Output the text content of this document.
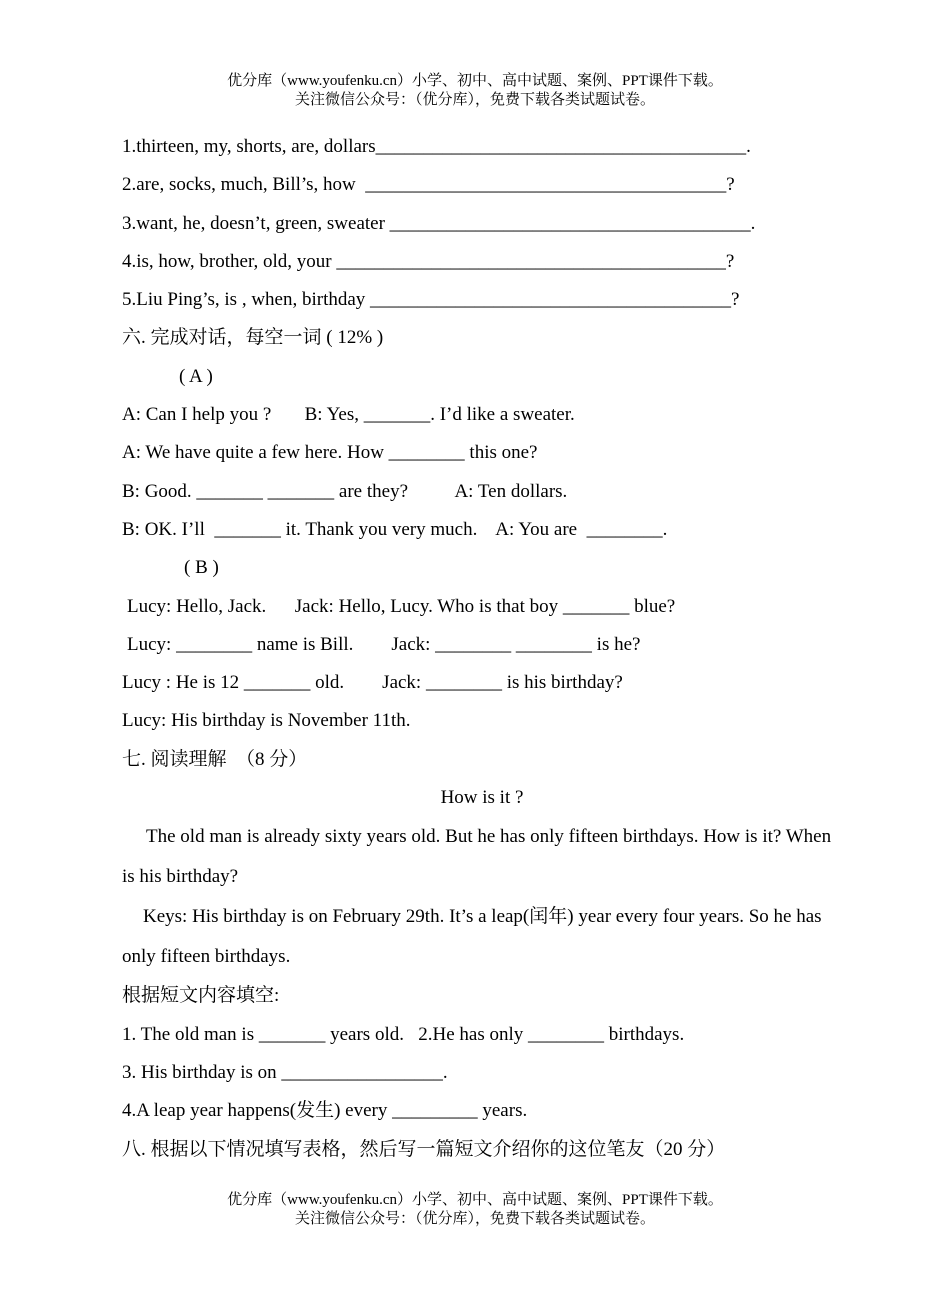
优分库（www.youfenku.cn）小学、初中、高中试题、案例、PPT课件下载。
关注微信公众号：（优分库），免费下载各类试题试卷。
1.thirteen, my, shorts, are, dollars_______________________________________.
2.are, socks, much, Bill’s, how  ______________________________________?
3.want, he, doesn’t, green, sweater ______________________________________.
4.is, how, brother, old, your _________________________________________?
5.Liu Ping’s, is , when, birthday ______________________________________?
六. 完成对话，每空一词 ( 12% )
( A )
A: Can I help you ?       B: Yes, _______. I’d like a sweater.
A: We have quite a few here. How ________ this one?
B: Good. _______ _______ are they?          A: Ten dollars.
B: OK. I’ll  _______ it. Thank you very much.    A: You are  ________.
( B )
Lucy: Hello, Jack.      Jack: Hello, Lucy. Who is that boy _______ blue?
Lucy: ________ name is Bill.        Jack: ________ ________ is he?
Lucy : He is 12 _______ old.        Jack: ________ is his birthday?
Lucy: His birthday is November 11th.
七. 阅读理解  （8 分）
How is it ?
The old man is already sixty years old. But he has only fifteen birthdays. How is it? When is his birthday?
Keys: His birthday is on February 29th. It’s a leap(闰年) year every four years. So he has only fifteen birthdays.
根据短文内容填空:
1. The old man is _______ years old.   2.He has only ________ birthdays.
3. His birthday is on _________________.
4.A leap year happens(发生) every _________ years.
八. 根据以下情况填写表格，然后写一篇短文介绍你的这位笔友（20 分）
优分库（www.youfenku.cn）小学、初中、高中试题、案例、PPT课件下载。
关注微信公众号：（优分库），免费下载各类试题试卷。
